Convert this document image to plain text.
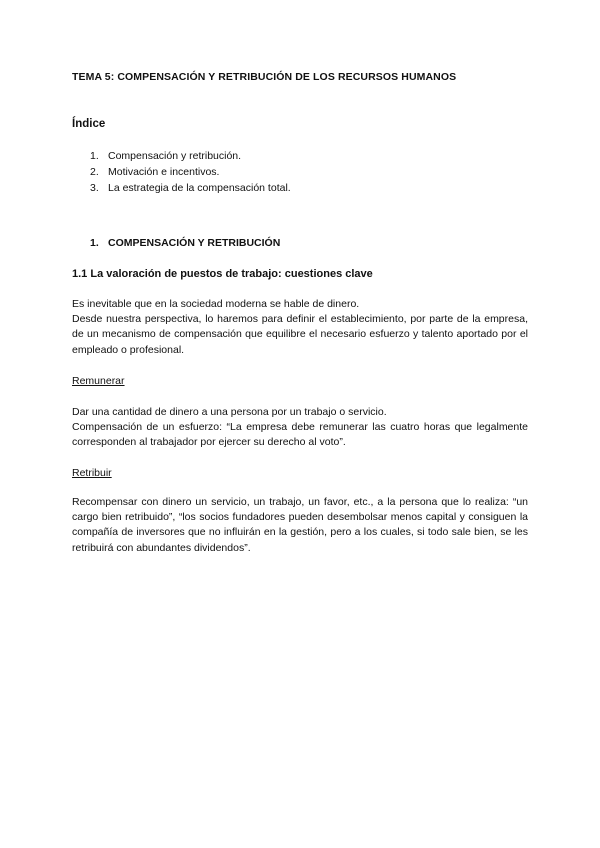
TEMA 5: COMPENSACIÓN Y RETRIBUCIÓN DE LOS RECURSOS HUMANOS
Índice
1. Compensación y retribución.
2. Motivación e incentivos.
3. La estrategia de la compensación total.
1. COMPENSACIÓN Y RETRIBUCIÓN
1.1 La valoración de puestos de trabajo: cuestiones clave
Es inevitable que en la sociedad moderna se hable de dinero.
Desde nuestra perspectiva, lo haremos para definir el establecimiento, por parte de la empresa, de un mecanismo de compensación que equilibre el necesario esfuerzo y talento aportado por el empleado o profesional.
Remunerar
Dar una cantidad de dinero a una persona por un trabajo o servicio.
Compensación de un esfuerzo: “La empresa debe remunerar las cuatro horas que legalmente corresponden al trabajador por ejercer su derecho al voto”.
Retribuir
Recompensar con dinero un servicio, un trabajo, un favor, etc., a la persona que lo realiza: “un cargo bien retribuido”, “los socios fundadores pueden desembolsar menos capital y consiguen la compañía de inversores que no influirán en la gestión, pero a los cuales, si todo sale bien, se les retribuirá con abundantes dividendos”.
